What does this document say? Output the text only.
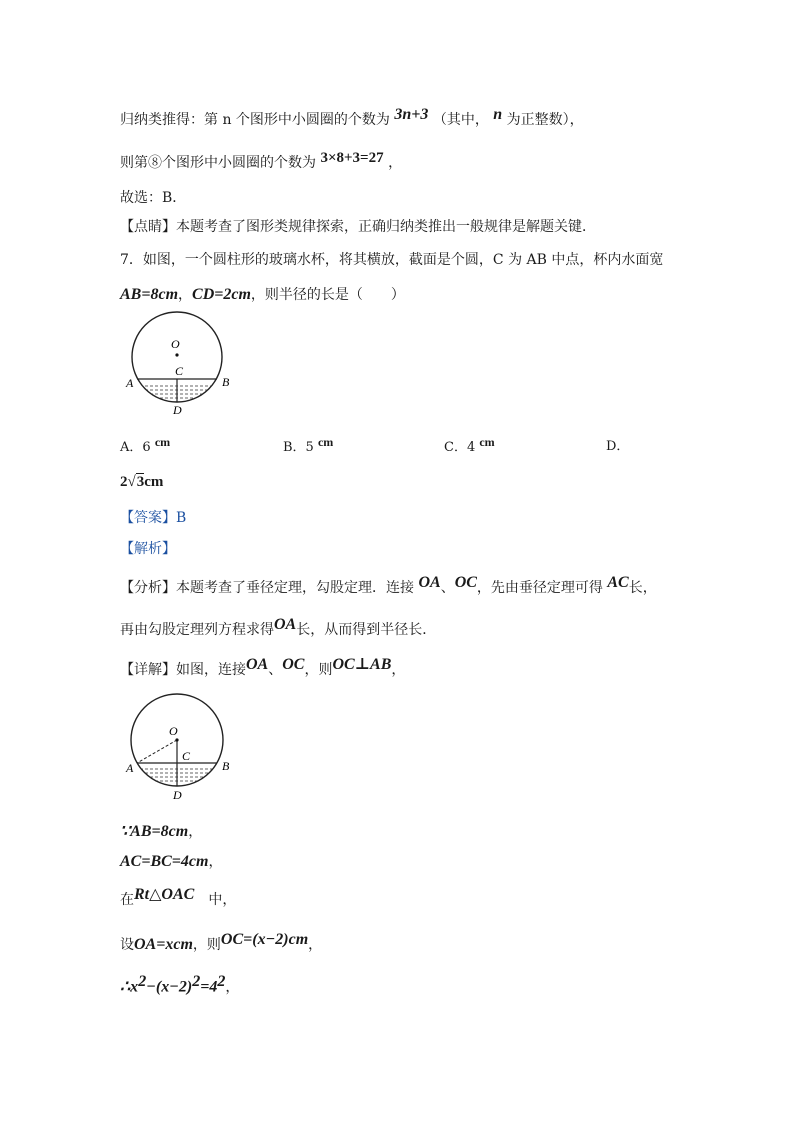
归纳类推得：第 n 个图形中小圆圈的个数为 3n+3 （其中， n 为正整数），
则第⑧个图形中小圆圈的个数为 3×8+3=27 ，
故选：B．
【点睛】本题考查了图形类规律探索，正确归纳类推出一般规律是解题关键．
7．如图，一个圆柱形的玻璃水杯，将其横放，截面是个圆，C 为 AB 中点，杯内水面宽
AB=8cm，CD=2cm，则半径的长是（　　）
O
C
A	B
D
A．6 cm	B．5 cm	C．4 cm	D．
2√3cm
【答案】B
【解析】
【分析】本题考查了垂径定理，勾股定理．连接 OA、OC，先由垂径定理可得 AC长，
再由勾股定理列方程求得OA长，从而得到半径长．
【详解】如图，连接OA、OC，则OC⊥AB，
O
C
A	B
D
∵AB=8cm，
AC=BC=4cm，
在Rt△OAC　中，
设OA=xcm，则OC=(x−2)cm，
$\therefore x^2-(x-2)^2=4^2$，
